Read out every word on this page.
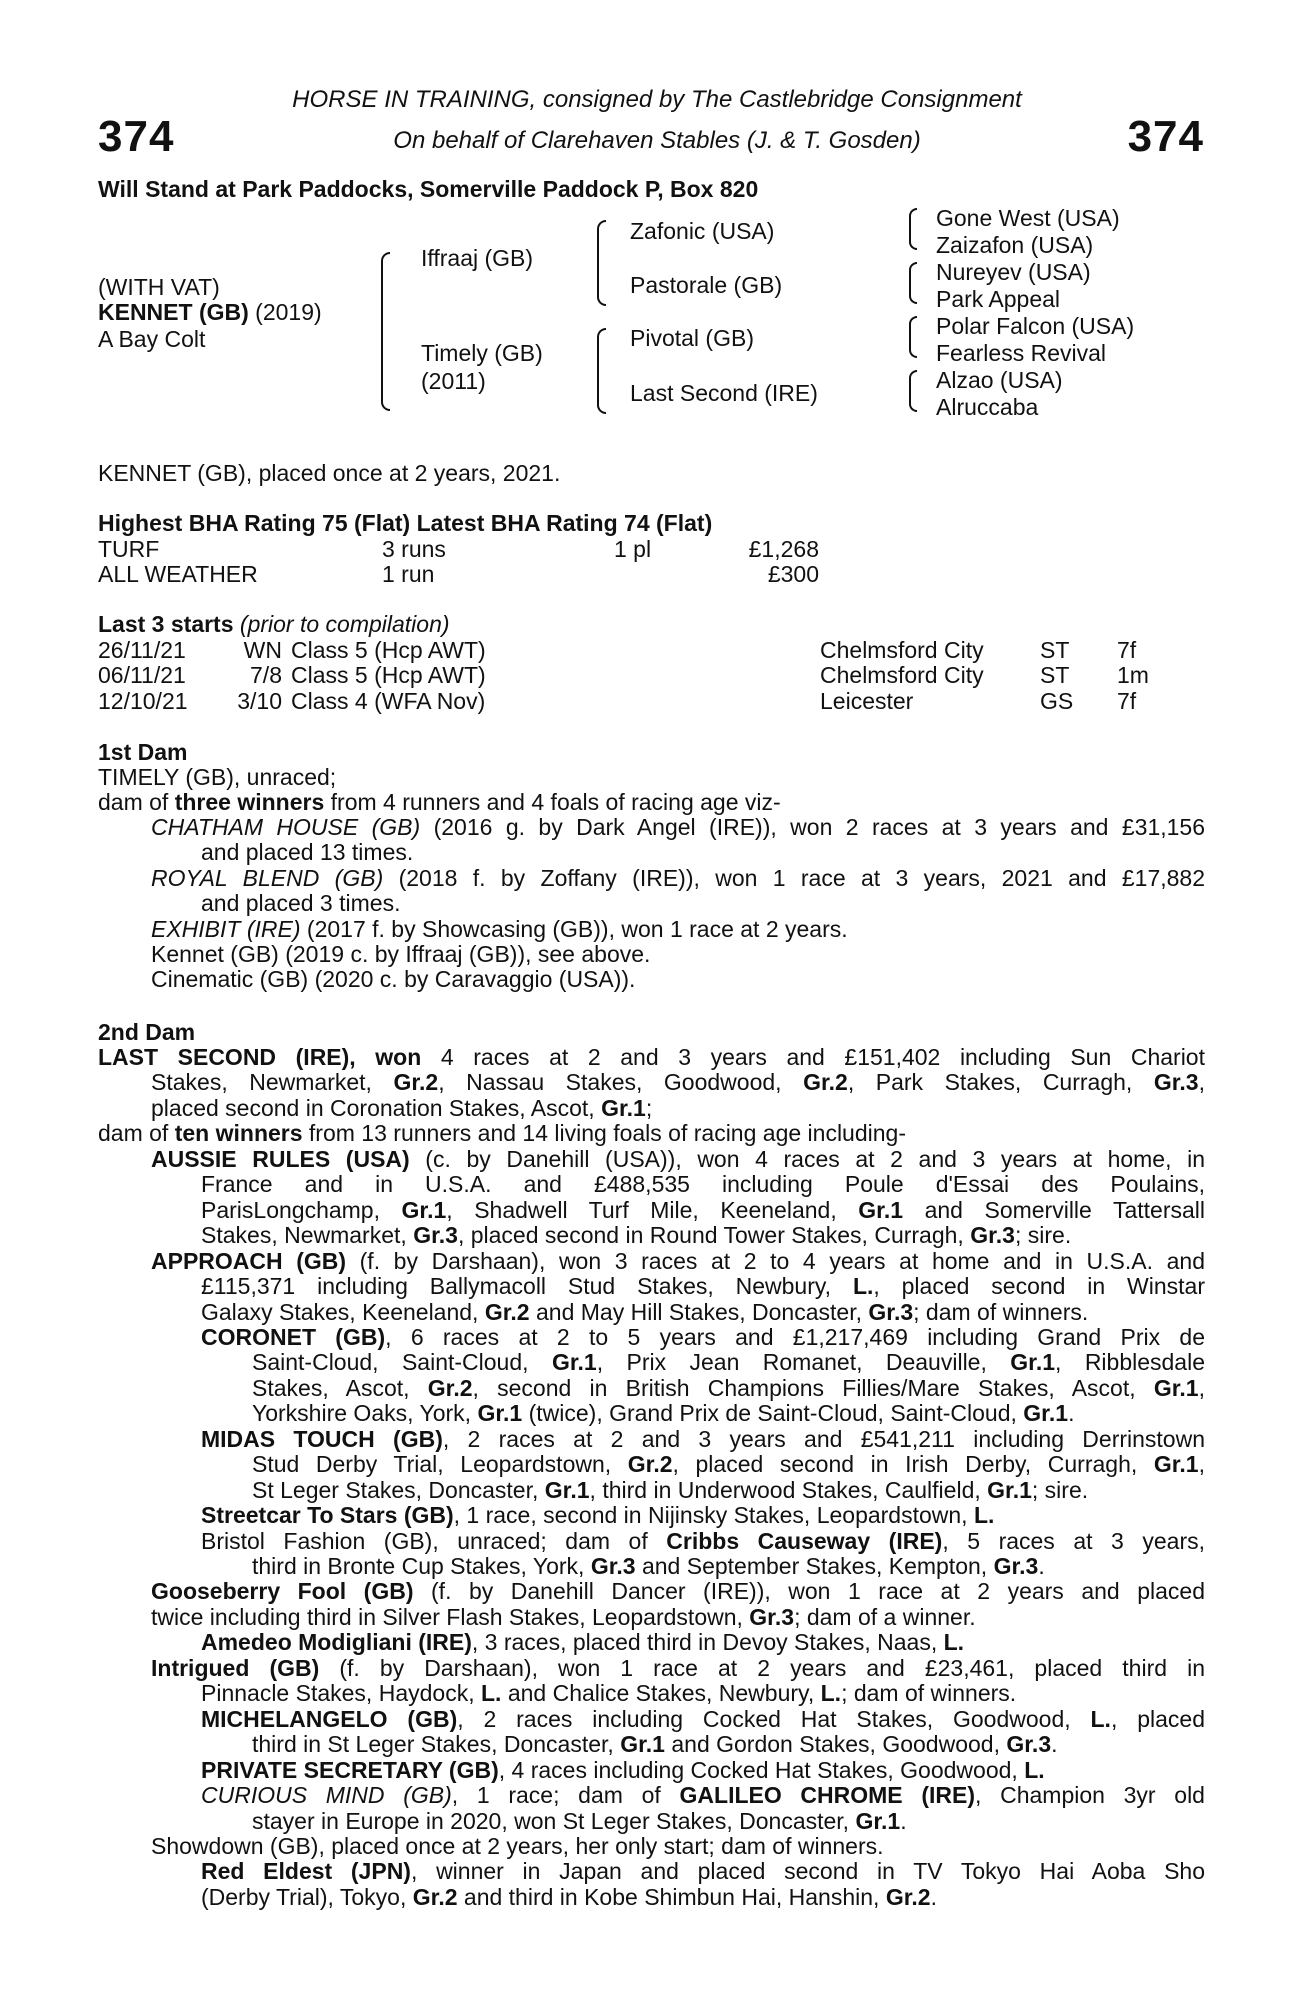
374	374
HORSE IN TRAINING, consigned by The Castlebridge Consignment
On behalf of Clarehaven Stables (J. & T. Gosden)
Will Stand at Park Paddocks, Somerville Paddock P, Box 820
(WITH VAT)
KENNET (GB) (2019)
A Bay Colt
Iffraaj (GB)
Timely (GB)
(2011)
Zafonic (USA)
Pastorale (GB)
Pivotal (GB)
Last Second (IRE)
Gone West (USA)
Zaizafon (USA)
Nureyev (USA)
Park Appeal
Polar Falcon (USA)
Fearless Revival
Alzao (USA)
Alruccaba
KENNET (GB), placed once at 2 years, 2021.
Highest BHA Rating 75 (Flat) Latest BHA Rating 74 (Flat)
TURF	3 runs	1 pl	£1,268
ALL WEATHER	1 run	£300
Last 3 starts (prior to compilation)
26/11/21	WN Class 5 (Hcp AWT)	Chelmsford City ST 7f
06/11/21	7/8 Class 5 (Hcp AWT)	Chelmsford City ST 1m
12/10/21 3/10 Class 4 (WFA Nov)	Leicester	GS 7f
1st Dam
TIMELY (GB), unraced;
dam of three winners from 4 runners and 4 foals of racing age viz-
CHATHAM HOUSE (GB) (2016 g. by Dark Angel (IRE)), won 2 races at 3 years and £31,156
and placed 13 times.
ROYAL BLEND (GB) (2018 f. by Zoffany (IRE)), won 1 race at 3 years, 2021 and £17,882
and placed 3 times.
EXHIBIT (IRE) (2017 f. by Showcasing (GB)), won 1 race at 2 years.
Kennet (GB) (2019 c. by Iffraaj (GB)), see above.
Cinematic (GB) (2020 c. by Caravaggio (USA)).
2nd Dam
LAST SECOND (IRE), won 4 races at 2 and 3 years and £151,402 including Sun Chariot
Stakes, Newmarket, Gr.2, Nassau Stakes, Goodwood, Gr.2, Park Stakes, Curragh, Gr.3,
placed second in Coronation Stakes, Ascot, Gr.1;
dam of ten winners from 13 runners and 14 living foals of racing age including-
AUSSIE RULES (USA) (c. by Danehill (USA)), won 4 races at 2 and 3 years at home, in
France and in U.S.A. and £488,535 including Poule d'Essai des Poulains,
ParisLongchamp, Gr.1, Shadwell Turf Mile, Keeneland, Gr.1 and Somerville Tattersall
Stakes, Newmarket, Gr.3, placed second in Round Tower Stakes, Curragh, Gr.3; sire.
APPROACH (GB) (f. by Darshaan), won 3 races at 2 to 4 years at home and in U.S.A. and
£115,371 including Ballymacoll Stud Stakes, Newbury, L., placed second in Winstar
Galaxy Stakes, Keeneland, Gr.2 and May Hill Stakes, Doncaster, Gr.3; dam of winners.
CORONET (GB), 6 races at 2 to 5 years and £1,217,469 including Grand Prix de
Saint-Cloud, Saint-Cloud, Gr.1, Prix Jean Romanet, Deauville, Gr.1, Ribblesdale
Stakes, Ascot, Gr.2, second in British Champions Fillies/Mare Stakes, Ascot, Gr.1,
Yorkshire Oaks, York, Gr.1 (twice), Grand Prix de Saint-Cloud, Saint-Cloud, Gr.1.
MIDAS TOUCH (GB), 2 races at 2 and 3 years and £541,211 including Derrinstown
Stud Derby Trial, Leopardstown, Gr.2, placed second in Irish Derby, Curragh, Gr.1,
St Leger Stakes, Doncaster, Gr.1, third in Underwood Stakes, Caulfield, Gr.1; sire.
Streetcar To Stars (GB), 1 race, second in Nijinsky Stakes, Leopardstown, L.
Bristol Fashion (GB), unraced; dam of Cribbs Causeway (IRE), 5 races at 3 years,
third in Bronte Cup Stakes, York, Gr.3 and September Stakes, Kempton, Gr.3.
Gooseberry Fool (GB) (f. by Danehill Dancer (IRE)), won 1 race at 2 years and placed
twice including third in Silver Flash Stakes, Leopardstown, Gr.3; dam of a winner.
Amedeo Modigliani (IRE), 3 races, placed third in Devoy Stakes, Naas, L.
Intrigued (GB) (f. by Darshaan), won 1 race at 2 years and £23,461, placed third in
Pinnacle Stakes, Haydock, L. and Chalice Stakes, Newbury, L.; dam of winners.
MICHELANGELO (GB), 2 races including Cocked Hat Stakes, Goodwood, L., placed
third in St Leger Stakes, Doncaster, Gr.1 and Gordon Stakes, Goodwood, Gr.3.
PRIVATE SECRETARY (GB), 4 races including Cocked Hat Stakes, Goodwood, L.
CURIOUS MIND (GB), 1 race; dam of GALILEO CHROME (IRE), Champion 3yr old
stayer in Europe in 2020, won St Leger Stakes, Doncaster, Gr.1.
Showdown (GB), placed once at 2 years, her only start; dam of winners.
Red Eldest (JPN), winner in Japan and placed second in TV Tokyo Hai Aoba Sho
(Derby Trial), Tokyo, Gr.2 and third in Kobe Shimbun Hai, Hanshin, Gr.2.
